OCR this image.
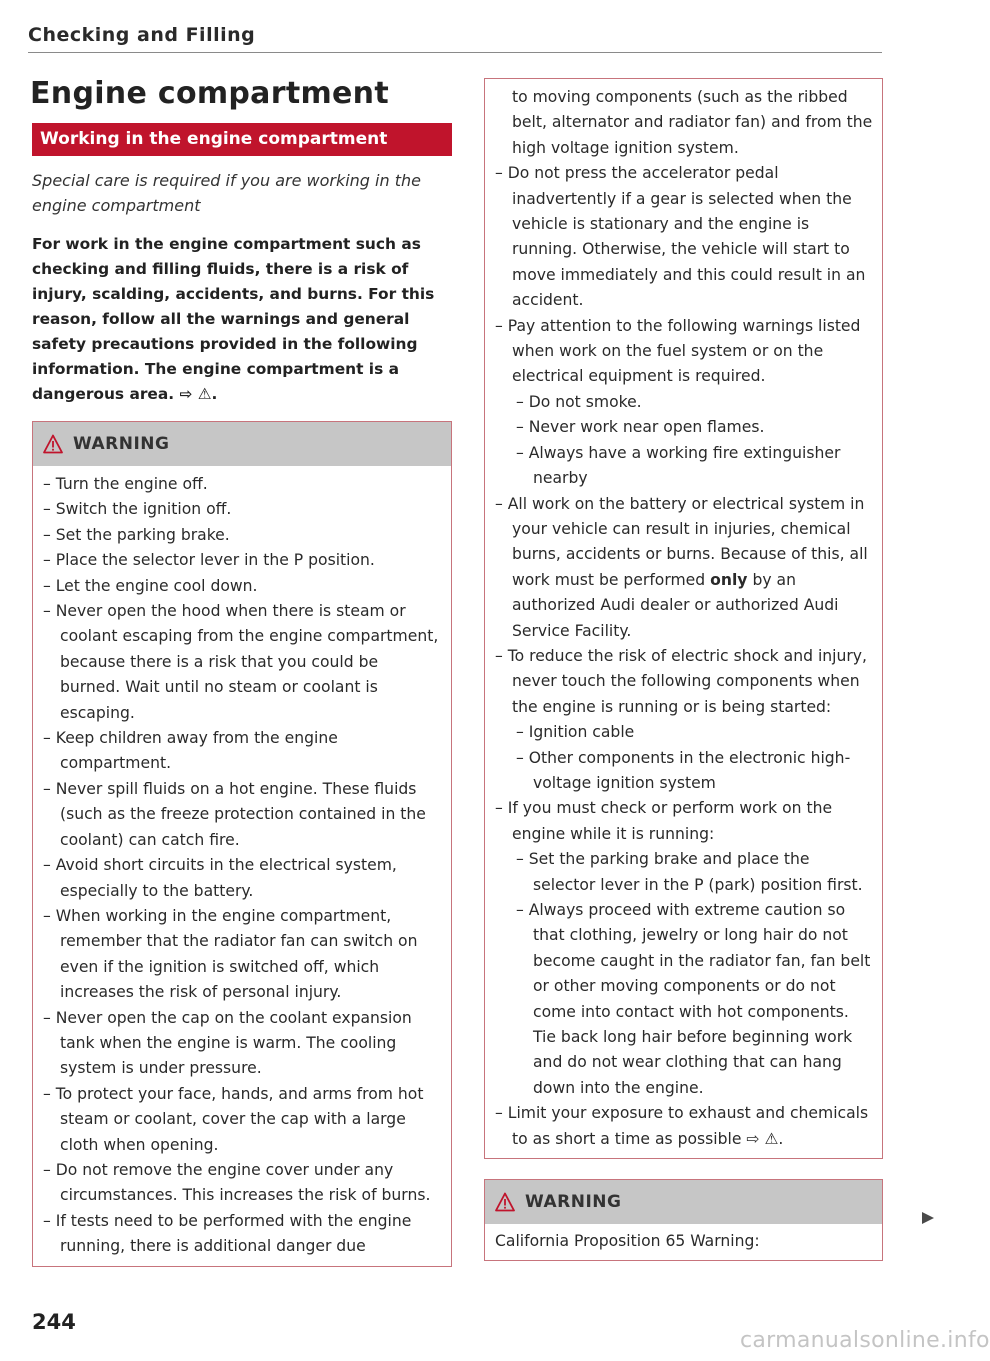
Checking and Filling
Engine compartment
Working in the engine compartment
Special care is required if you are working in the engine compartment
For work in the engine compartment such as checking and filling fluids, there is a risk of injury, scalding, accidents, and burns. For this reason, follow all the warnings and general safety precautions provided in the following information. The engine compartment is a dangerous area. ⇨ ⚠.
WARNING
– Turn the engine off.
– Switch the ignition off.
– Set the parking brake.
– Place the selector lever in the P position.
– Let the engine cool down.
– Never open the hood when there is steam or coolant escaping from the engine compartment, because there is a risk that you could be burned. Wait until no steam or coolant is escaping.
– Keep children away from the engine compartment.
– Never spill fluids on a hot engine. These fluids (such as the freeze protection contained in the coolant) can catch fire.
– Avoid short circuits in the electrical system, especially to the battery.
– When working in the engine compartment, remember that the radiator fan can switch on even if the ignition is switched off, which increases the risk of personal injury.
– Never open the cap on the coolant expansion tank when the engine is warm. The cooling system is under pressure.
– To protect your face, hands, and arms from hot steam or coolant, cover the cap with a large cloth when opening.
– Do not remove the engine cover under any circumstances. This increases the risk of burns.
– If tests need to be performed with the engine running, there is additional danger due
to moving components (such as the ribbed belt, alternator and radiator fan) and from the high voltage ignition system.
– Do not press the accelerator pedal inadvertently if a gear is selected when the vehicle is stationary and the engine is running. Otherwise, the vehicle will start to move immediately and this could result in an accident.
– Pay attention to the following warnings listed when work on the fuel system or on the electrical equipment is required.
– Do not smoke.
– Never work near open flames.
– Always have a working fire extinguisher nearby
– All work on the battery or electrical system in your vehicle can result in injuries, chemical burns, accidents or burns. Because of this, all work must be performed only by an authorized Audi dealer or authorized Audi Service Facility.
– To reduce the risk of electric shock and injury, never touch the following components when the engine is running or is being started:
– Ignition cable
– Other components in the electronic high-voltage ignition system
– If you must check or perform work on the engine while it is running:
– Set the parking brake and place the selector lever in the P (park) position first.
– Always proceed with extreme caution so that clothing, jewelry or long hair do not become caught in the radiator fan, fan belt or other moving components or do not come into contact with hot components. Tie back long hair before beginning work and do not wear clothing that can hang down into the engine.
– Limit your exposure to exhaust and chemicals to as short a time as possible ⇨ ⚠.
WARNING
California Proposition 65 Warning:
244
carmanualsonline.info
